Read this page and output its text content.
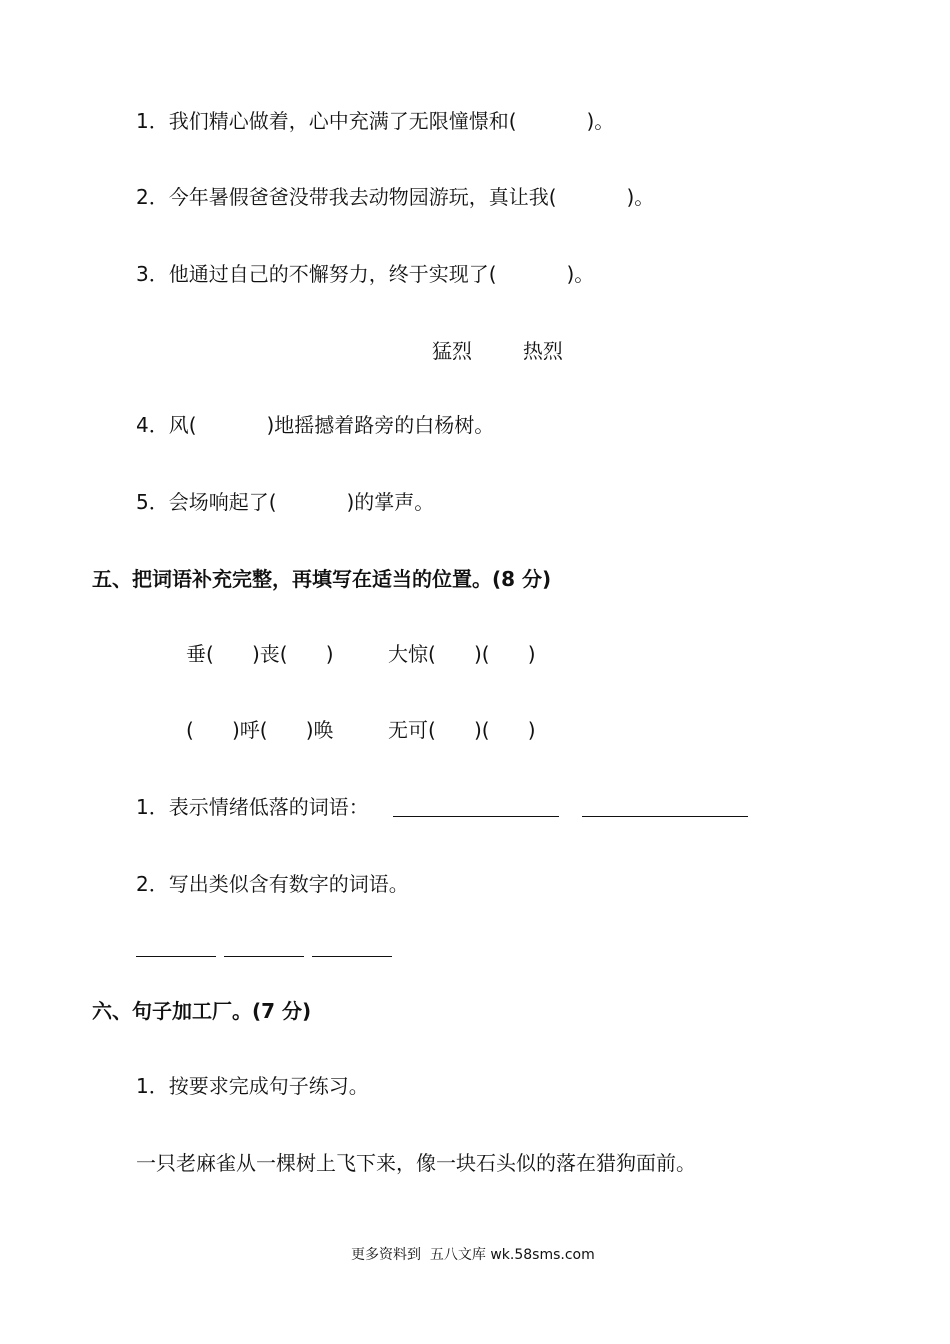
1．我们精心做着，心中充满了无限憧憬和(           )。
2．今年暑假爸爸没带我去动物园游玩，真让我(           )。
3．他通过自己的不懈努力，终于实现了(           )。
猛烈        热烈
4．风(           )地摇撼着路旁的白杨树。
5．会场响起了(           )的掌声。
五、把词语补充完整，再填写在适当的位置。(8 分)
垂(      )丧(      )	大惊(      )(      )
(      )呼(      )唤	无可(      )(      )
1．表示情绪低落的词语：
2．写出类似含有数字的词语。
六、句子加工厂。(7 分)
1．按要求完成句子练习。
一只老麻雀从一棵树上飞下来，像一块石头似的落在猎狗面前。
更多资料到  五八文库 wk.58sms.com
